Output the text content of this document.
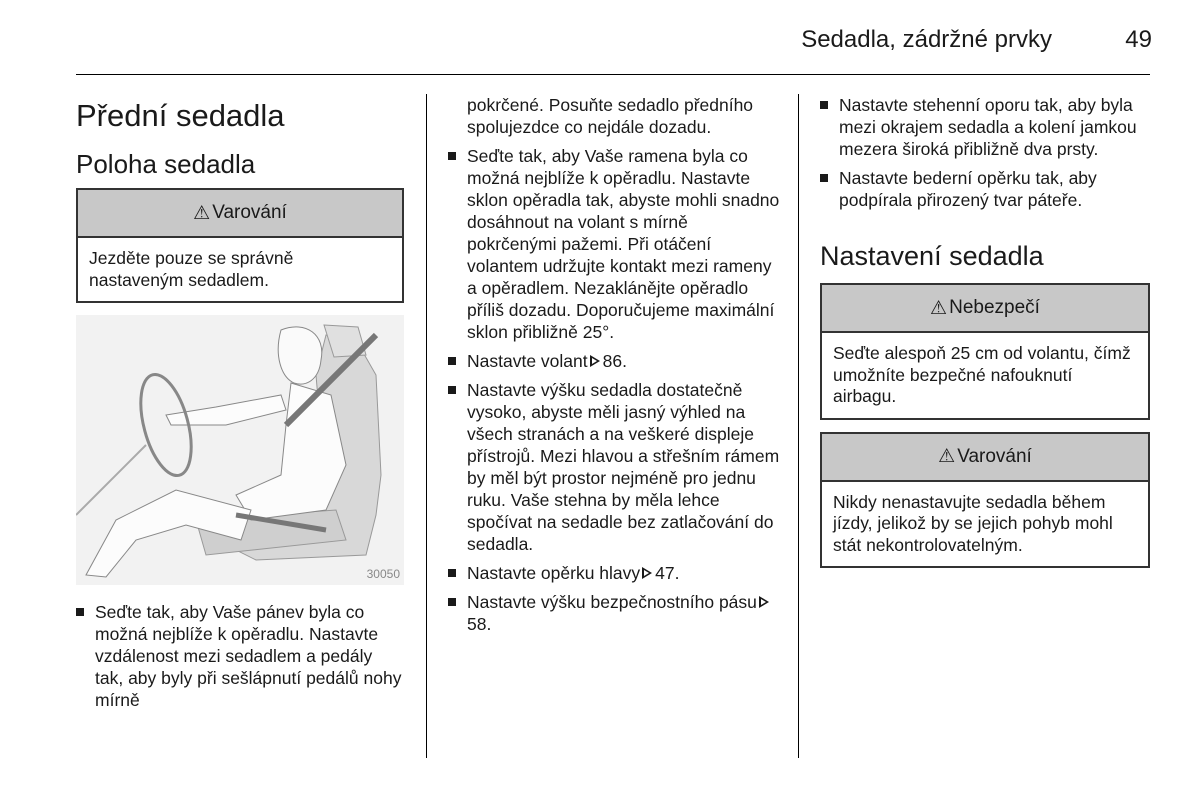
Sedadla, zádržné prvky	49
Přední sedadla
Poloha sedadla
⚠ Varování
Jezděte pouze se správně nastaveným sedadlem.
30050
Seďte tak, aby Vaše pánev byla co možná nejblíže k opěradlu. Nastavte vzdálenost mezi sedadlem a pedály tak, aby byly při sešlápnutí pedálů nohy mírně

pokrčené. Posuňte sedadlo předního spolujezdce co nejdále dozadu.

Seďte tak, aby Vaše ramena byla co možná nejblíže k opěradlu. Nastavte sklon opěradla tak, abyste mohli snadno dosáhnout na volant s mírně pokrčenými pažemi. Při otáčení volantem udržujte kontakt mezi rameny a opěradlem. Nezaklánějte opěradlo příliš dozadu. Doporučujeme maximální sklon přibližně 25°.
Nastavte volant 86.
Nastavte výšku sedadla dostatečně vysoko, abyste měli jasný výhled na všech stranách a na veškeré displeje přístrojů. Mezi hlavou a střešním rámem by měl být prostor nejméně pro jednu ruku. Vaše stehna by měla lehce spočívat na sedadle bez zatlačování do sedadla.
Nastavte opěrku hlavy 47.
Nastavte výšku bezpečnostního pásu58.
Nastavte stehenní oporu tak, aby byla mezi okrajem sedadla a kolení jamkou mezera široká přibližně dva prsty.
Nastavte bederní opěrku tak, aby podpírala přirozený tvar páteře.
Nastavení sedadla
⚠ Nebezpečí
Seďte alespoň 25 cm od volantu, čímž umožníte bezpečné nafouknutí airbagu.
⚠ Varování
Nikdy nenastavujte sedadla během jízdy, jelikož by se jejich pohyb mohl stát nekontrolovatelným.
